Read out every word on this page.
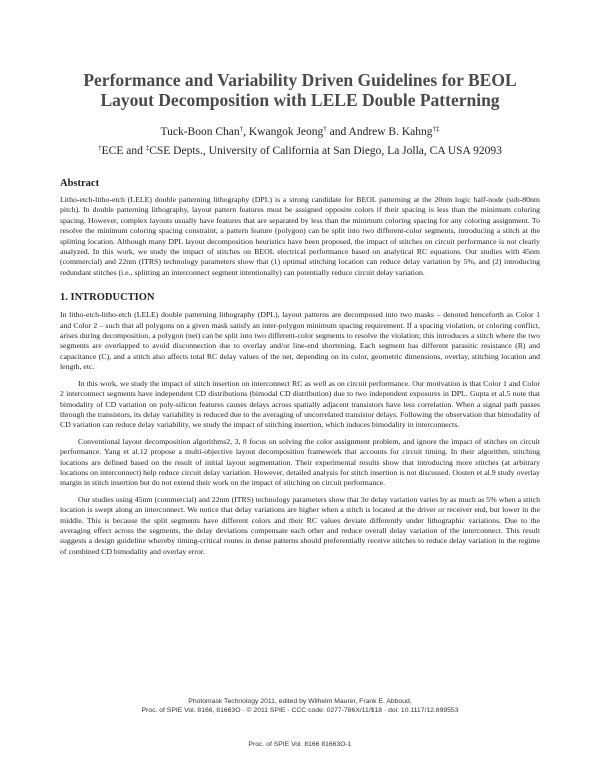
Performance and Variability Driven Guidelines for BEOL
Layout Decomposition with LELE Double Patterning
Tuck-Boon Chan†, Kwangok Jeong† and Andrew B. Kahng†‡
†ECE and ‡CSE Depts., University of California at San Diego, La Jolla, CA USA 92093
Abstract

Litho-etch-litho-etch (LELE) double patterning lithography (DPL) is a strong candidate for BEOL patterning at the 20nm logic half-node (sub-80nm pitch). In double patterning lithography, layout pattern features must be assigned opposite colors if their spacing is less than the minimum coloring spacing. However, complex layouts usually have features that are separated by less than the minimum coloring spacing for any coloring assignment. To resolve the minimum coloring spacing constraint, a pattern feature (polygon) can be split into two different-color segments, introducing a stitch at the splitting location. Although many DPL layout decomposition heuristics have been proposed, the impact of stitches on circuit performance is not clearly analyzed. In this work, we study the impact of stitches on BEOL electrical performance based on analytical RC equations. Our studies with 45nm (commercial) and 22nm (ITRS) technology parameters show that (1) optimal stitching location can reduce delay variation by 5%, and (2) introducing redundant stitches (i.e., splitting an interconnect segment intentionally) can potentially reduce circuit delay variation.

1. INTRODUCTION

In litho-etch-litho-etch (LELE) double patterning lithography (DPL), layout patterns are decomposed into two masks – denoted henceforth as Color 1 and Color 2 – such that all polygons on a given mask satisfy an inter-polygon minimum spacing requirement. If a spacing violation, or coloring conflict, arises during decomposition, a polygon (net) can be split into two different-color segments to resolve the violation; this introduces a stitch where the two segments are overlapped to avoid disconnection due to overlay and/or line-end shortening. Each segment has different parasitic resistance (R) and capacitance (C), and a stitch also affects total RC delay values of the net, depending on its color, geometric dimensions, overlay, stitching location and length, etc.

In this work, we study the impact of stitch insertion on interconnect RC as well as on circuit performance. Our motivation is that Color 1 and Color 2 interconnect segments have independent CD distributions (bimodal CD distribution) due to two independent exposures in DPL. Gupta et al.5 note that bimodality of CD variation on poly-silicon features causes delays across spatially adjacent transistors have less correlation. When a signal path passes through the transistors, its delay variability is reduced due to the averaging of uncorrelated transistor delays. Following the observation that bimodality of CD variation can reduce delay variability, we study the impact of stitching insertion, which induces bimodality in interconnects.

Conventional layout decomposition algorithms2, 3, 8 focus on solving the color assignment problem, and ignore the impact of stitches on circuit performance. Yang et al.12 propose a multi-objective layout decomposition framework that accounts for circuit timing. In their algorithm, stitching locations are defined based on the result of initial layout segmentation. Their experimental results show that introducing more stitches (at arbitrary locations on interconnect) help reduce circuit delay variation. However, detailed analysis for stitch insertion is not discussed. Oosten et al.9 study overlay margin in stitch insertion but do not extend their work on the impact of stitching on circuit performance.

Our studies using 45nm (commercial) and 22nm (ITRS) technology parameters show that 3σ delay variation varies by as much as 5% when a stitch location is swept along an interconnect. We notice that delay variations are higher when a stitch is located at the driver or receiver end, but lower in the middle. This is because the split segments have different colors and their RC values deviate differently under lithographic variations. Due to the averaging effect across the segments, the delay deviations compensate each other and reduce overall delay variation of the interconnect. This result suggests a design guideline whereby timing-critical routes in dense patterns should preferentially receive stitches to reduce delay variation in the regime of combined CD bimodality and overlay error.

Photomask Technology 2011, edited by Wilhelm Maurer, Frank E. Abboud,
Proc. of SPIE Vol. 8166, 81663O · © 2011 SPIE · CCC code: 0277-786X/11/$18 · doi: 10.1117/12.899553
Proc. of SPIE Vol. 8166 81663O-1
